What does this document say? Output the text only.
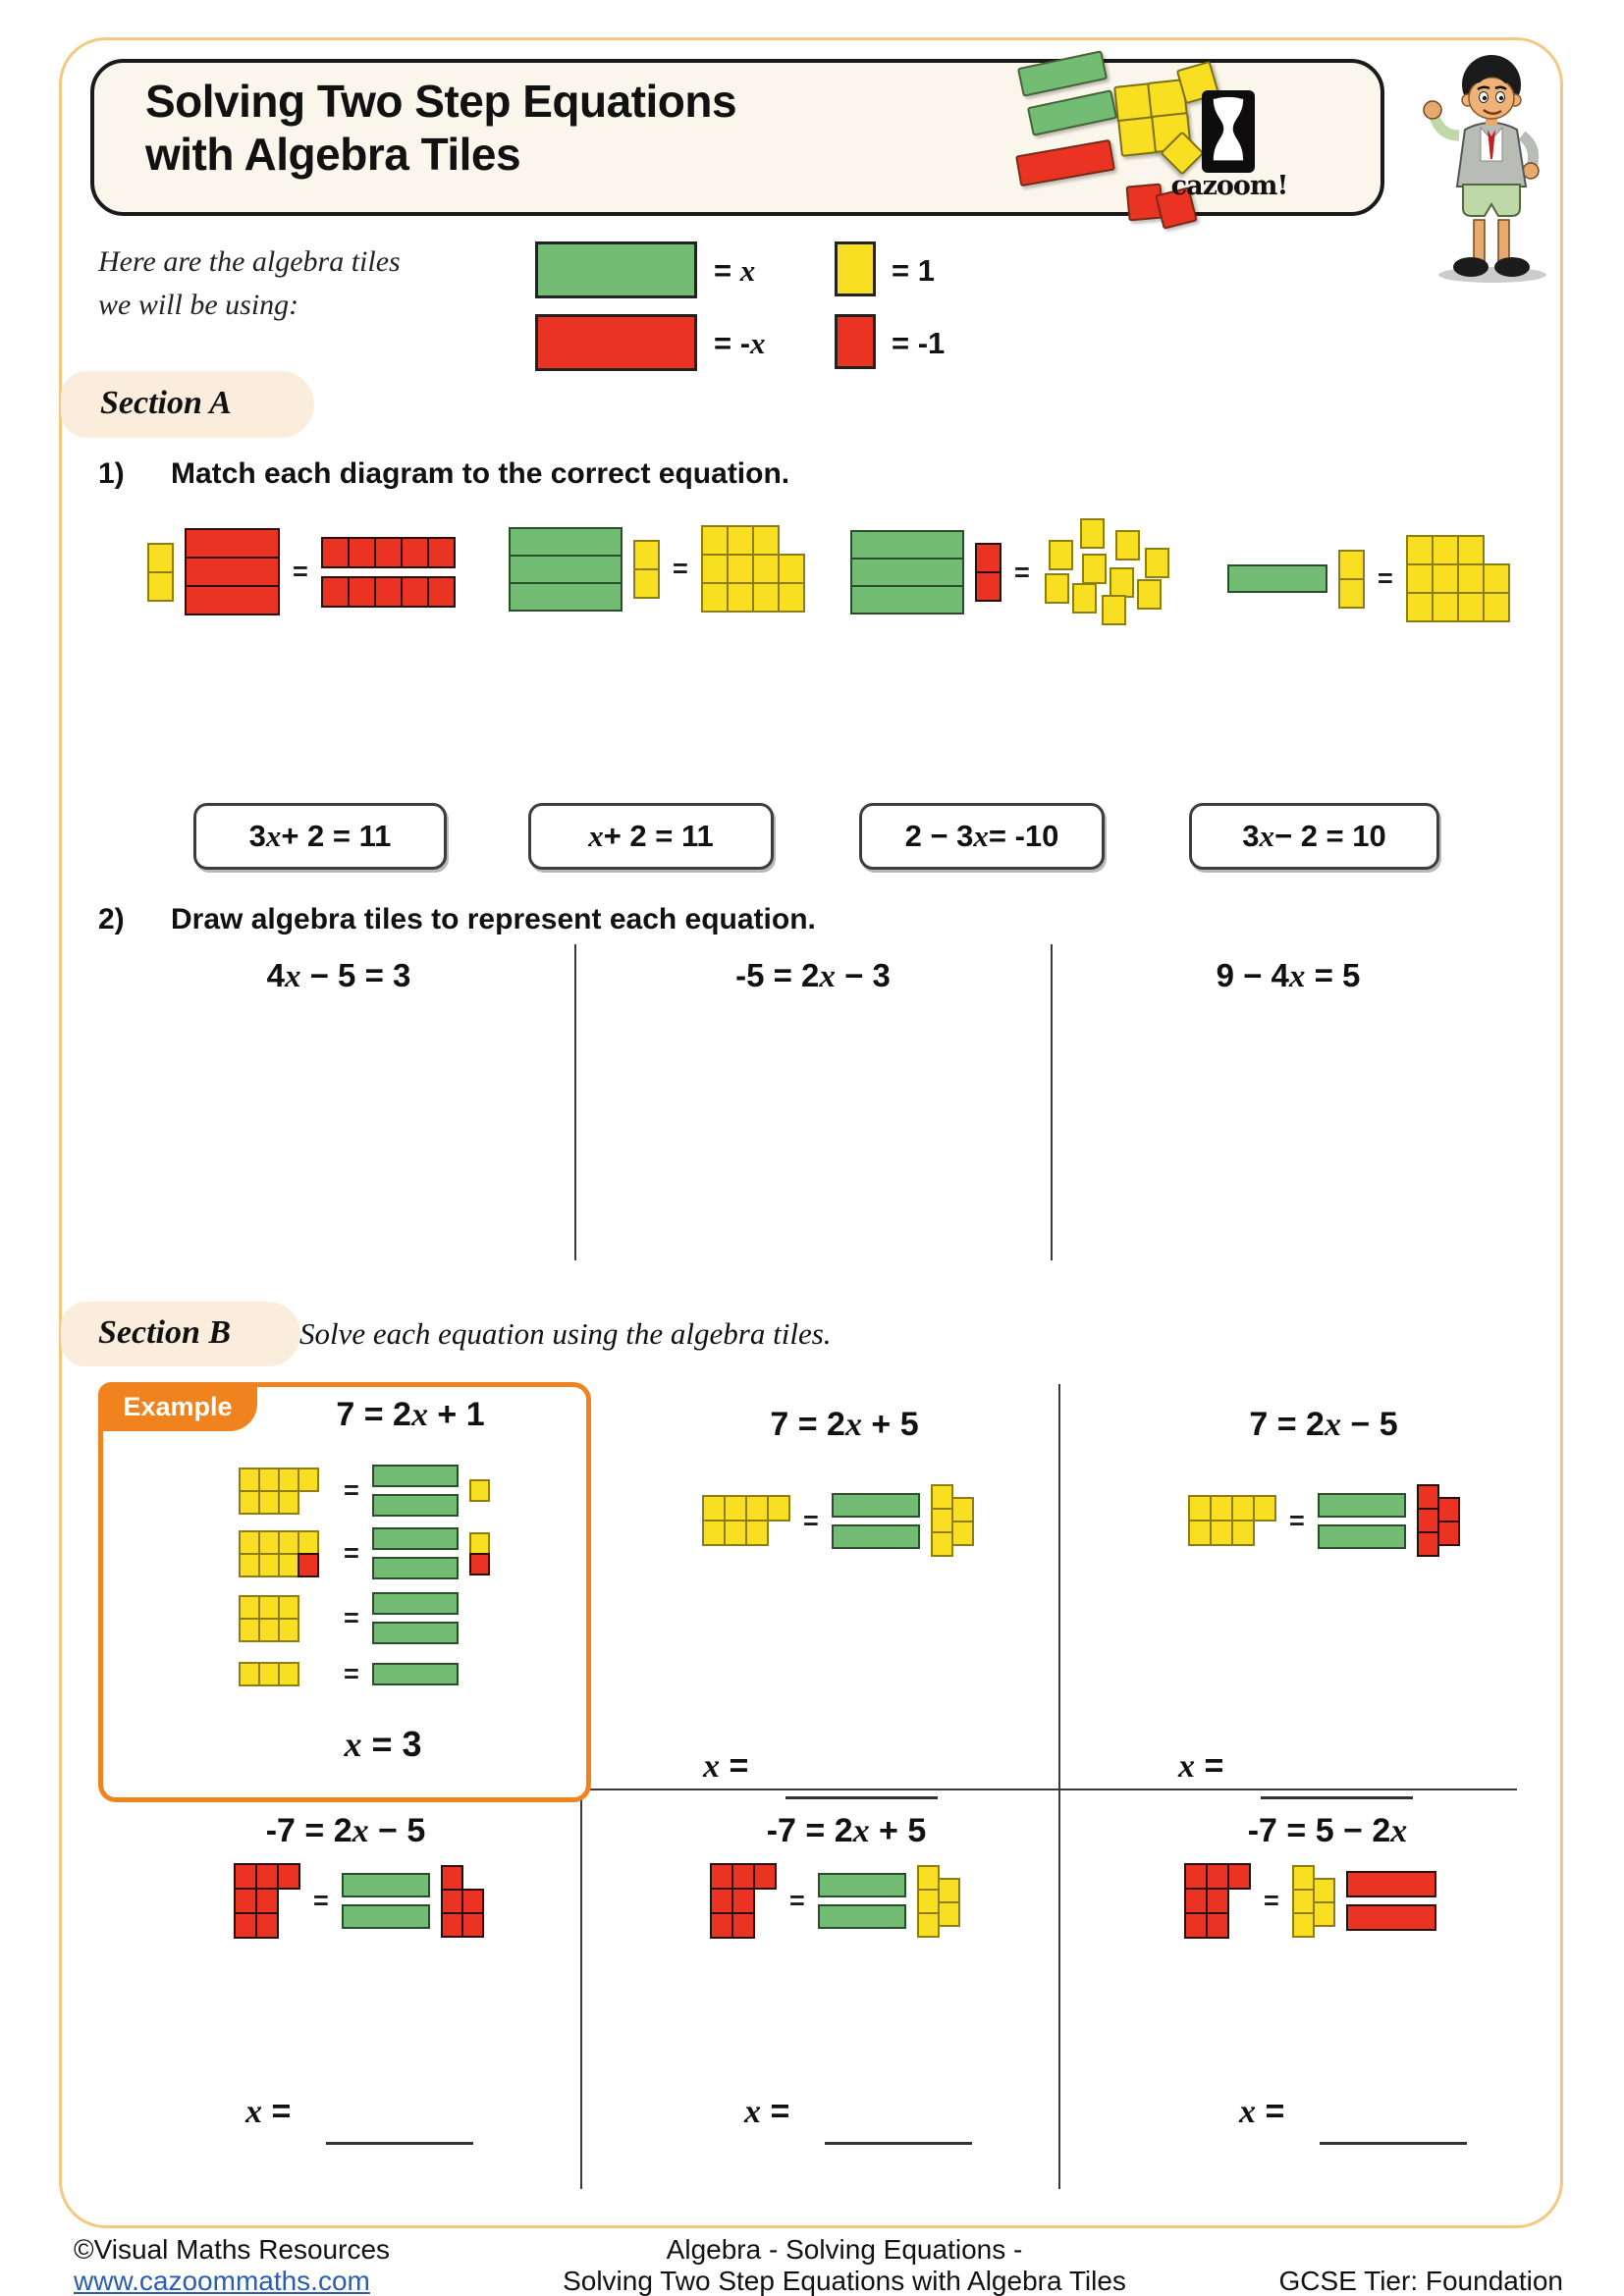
Solving Two Step Equations
with Algebra Tiles
cazoom!
Here are the algebra tiles
we will be using:
= x
= -x
= 1
= -1
Section A
1) Match each diagram to the correct equation.
=	=	=	=
3 x + 2 = 11	x + 2 = 11	2 − 3 x = -10	3 x − 2 = 10
2) Draw algebra tiles to represent each equation.
4x − 5 = 3	-5 = 2x − 3	9 − 4x = 5
Section B Solve each equation using the algebra tiles.
Example	7 = 2x + 1
=
=
=
=
x = 3
7 = 2x + 5
=
x =
7 = 2x − 5
=
x =
-7 = 2x − 5
=
x =
-7 = 2x + 5
=
x =
-7 = 5 − 2x
=
x =
©Visual Maths Resources
www.cazoommaths.com
Algebra - Solving Equations -
Solving Two Step Equations with Algebra Tiles	GCSE Tier: Foundation
